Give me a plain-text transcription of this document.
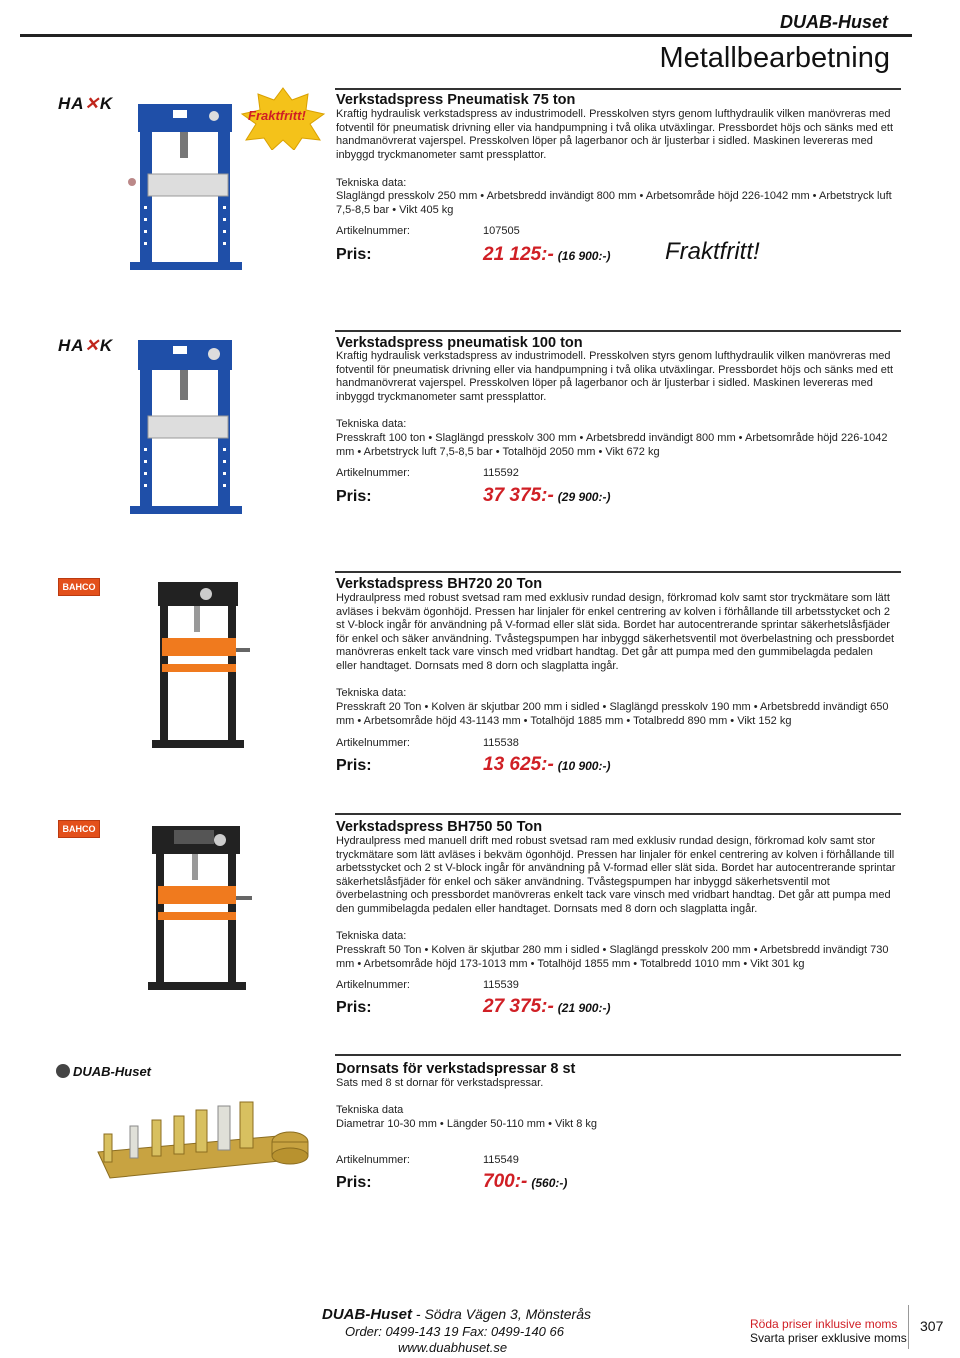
DUAB-Huset
Metallbearbetning
HA✕K
Fraktfritt!
Verkstadspress Pneumatisk 75 ton
Kraftig hydraulisk verkstadspress av industrimodell. Presskolven styrs genom lufthydraulik vilken manövreras med fotventil för pneumatisk drivning eller via handpumpning i två olika utväxlingar. Pressbordet höjs och sänks med ett handmanövrerat vajerspel. Presskolven löper på lagerbanor och är ljusterbar i sidled. Maskinen levereras med inbyggd tryckmanometer samt pressplattor.
Tekniska data:
Slaglängd presskolv 250 mm • Arbetsbredd invändigt 800 mm • Arbetsområde höjd 226-1042 mm • Arbetstryck luft 7,5-8,5 bar • Vikt 405 kg
Artikelnummer:	107505
Pris:	21 125:- (16 900:-) Fraktfritt!
HA✕K	Verkstadspress pneumatisk 100 ton
Kraftig hydraulisk verkstadspress av industrimodell. Presskolven styrs genom lufthydraulik vilken manövreras med fotventil för pneumatisk drivning eller via handpumpning i två olika utväxlingar. Pressbordet höjs och sänks med ett handmanövrerat vajerspel. Presskolven löper på lagerbanor och är ljusterbar i sidled. Maskinen levereras med inbyggd tryckmanometer samt pressplattor.
Tekniska data:
Presskraft 100 ton • Slaglängd presskolv 300 mm • Arbetsbredd invändigt 800 mm • Arbetsområde höjd 226-1042 mm • Arbetstryck luft 7,5-8,5 bar • Totalhöjd 2050 mm • Vikt 672 kg
Artikelnummer:	115592
Pris:	37 375:- (29 900:-)
BAHCO	Verkstadspress BH720 20 Ton
Hydraulpress med robust svetsad ram med exklusiv rundad design, förkromad kolv samt stor tryckmätare som lätt avläses i bekväm ögonhöjd. Pressen har linjaler för enkel centrering av kolven i förhållande till arbetsstycket och 2 st V-block ingår för användning på V-formad eller slät sida. Bordet har autocentrerande sprintar säkerhetslåsfjäder för enkel och säker användning. Tvåstegspumpen har inbyggd säkerhetsventil mot överbelastning och pressbordet manövreras enkelt tack vare vinsch med vridbart handtag. Det går att pumpa med den gummibelagda pedalen eller handtaget. Dornsats med 8 dorn och slagplatta ingår.
Tekniska data:
Presskraft 20 Ton • Kolven är skjutbar 200 mm i sidled • Slaglängd presskolv 190 mm • Arbetsbredd invändigt 650 mm • Arbetsområde höjd 43-1143 mm • Totalhöjd 1885 mm • Totalbredd 890 mm • Vikt 152 kg
Artikelnummer:	115538
Pris:	13 625:- (10 900:-)
BAHCO	Verkstadspress BH750 50 Ton
Hydraulpress med manuell drift med robust svetsad ram med exklusiv rundad design, förkromad kolv samt stor tryckmätare som lätt avläses i bekväm ögonhöjd. Pressen har linjaler för enkel centrering av kolven i förhållande till arbetsstycket och 2 st V-block ingår för användning på V-formad eller slät sida. Bordet har autocentrerande sprintar säkerhetslåsfjäder för enkel och säker användning. Tvåstegspumpen har inbyggd säkerhetsventil mot överbelastning och pressbordet manövreras enkelt tack vare vinsch med vridbart handtag. Det går att pumpa med den gummibelagda pedalen eller handtaget. Dornsats med 8 dorn och slagplatta ingår.
Tekniska data:
Presskraft 50 Ton • Kolven är skjutbar 280 mm i sidled • Slaglängd presskolv 200 mm • Arbetsbredd invändigt 730 mm • Arbetsområde höjd 173-1013 mm • Totalhöjd 1855 mm • Totalbredd 1010 mm • Vikt 301 kg
Artikelnummer:	115539
Pris:	27 375:- (21 900:-)
DUAB-Huset	Dornsats för verkstadspressar 8 st
Sats med 8 st dornar för verkstadspressar.
Tekniska data
Diametrar 10-30 mm • Längder 50-110 mm • Vikt 8 kg
Artikelnummer:	115549
Pris:	700:- (560:-)
DUAB-Huset - Södra Vägen 3, Mönsterås
Order: 0499-143 19 Fax: 0499-140 66
www.duabhuset.se
Röda priser inklusive moms
Svarta priser exklusive moms
307
